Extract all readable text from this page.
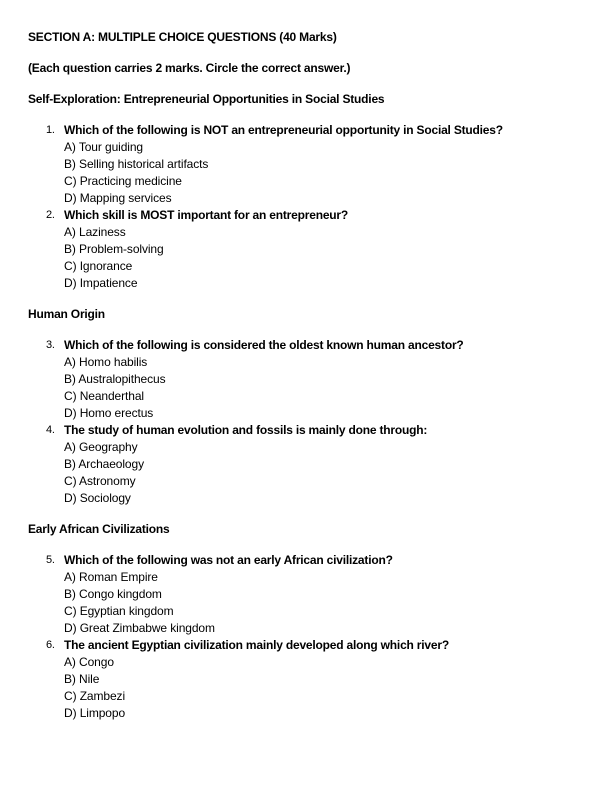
SECTION A: MULTIPLE CHOICE QUESTIONS (40 Marks)
(Each question carries 2 marks. Circle the correct answer.)
Self-Exploration: Entrepreneurial Opportunities in Social Studies
1. Which of the following is NOT an entrepreneurial opportunity in Social Studies?
A) Tour guiding
B) Selling historical artifacts
C) Practicing medicine
D) Mapping services
2. Which skill is MOST important for an entrepreneur?
A) Laziness
B) Problem-solving
C) Ignorance
D) Impatience
Human Origin
3. Which of the following is considered the oldest known human ancestor?
A) Homo habilis
B) Australopithecus
C) Neanderthal
D) Homo erectus
4. The study of human evolution and fossils is mainly done through:
A) Geography
B) Archaeology
C) Astronomy
D) Sociology
Early African Civilizations
5. Which of the following was not an early African civilization?
A) Roman Empire
B) Congo kingdom
C) Egyptian kingdom
D) Great Zimbabwe kingdom
6. The ancient Egyptian civilization mainly developed along which river?
A) Congo
B) Nile
C) Zambezi
D) Limpopo
